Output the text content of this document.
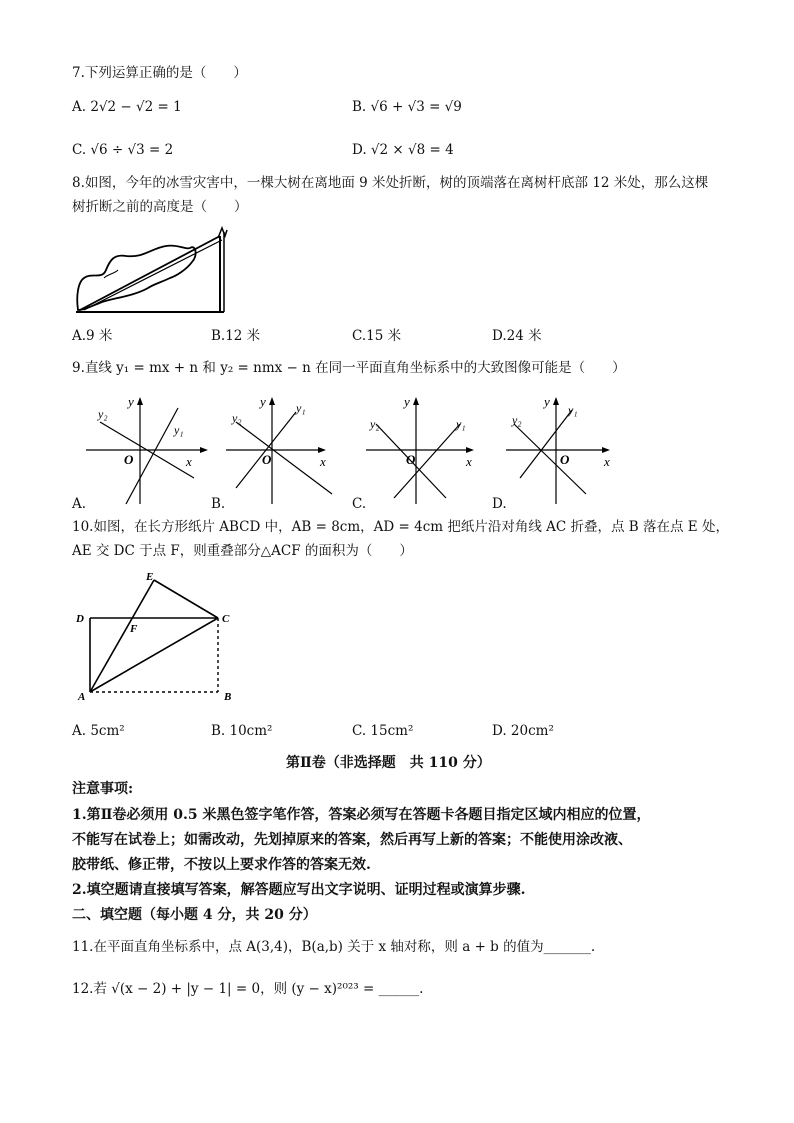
7.下列运算正确的是（　　）
A. 2√2 − √2 = 1	B. √6 + √3 = √9
C. √6 ÷ √3 = 2	D. √2 × √8 = 4
8.如图，今年的冰雪灾害中，一棵大树在离地面 9 米处折断，树的顶端落在离树杆底部 12 米处，那么这棵
树折断之前的高度是（　　）
A.9 米	B.12 米	C.15 米	D.24 米
9.直线 y₁ = mx + n 和 y₂ = nmx − n 在同一平面直角坐标系中的大致图像可能是（　　）
y
x
O
y₁
y₂
A.
y
x
O
y₁
y₂
B.
y
x
O
y₁
y₂
C.
y
x
O
y₁
y₂
D.
10.如图，在长方形纸片 ABCD 中，AB = 8cm，AD = 4cm 把纸片沿对角线 AC 折叠，点 B 落在点 E 处，
AE 交 DC 于点 F，则重叠部分△ACF 的面积为（　　）
E
D
F
C
A	B
A. 5cm²	B. 10cm²	C. 15cm²	D. 20cm²
第Ⅱ卷（非选择题　共 110 分）
注意事项:
1.第Ⅱ卷必须用 0.5 米黑色签字笔作答，答案必须写在答题卡各题目指定区域内相应的位置，
不能写在试卷上；如需改动，先划掉原来的答案，然后再写上新的答案；不能使用涂改液、
胶带纸、修正带，不按以上要求作答的答案无效.
2.填空题请直接填写答案，解答题应写出文字说明、证明过程或演算步骤.
二、填空题（每小题 4 分，共 20 分）
11.在平面直角坐标系中，点 A(3,4)，B(a,b) 关于 x 轴对称，则 a + b 的值为_______.
12.若 √(x − 2) + |y − 1| = 0，则 (y − x)²⁰²³ = ______.
